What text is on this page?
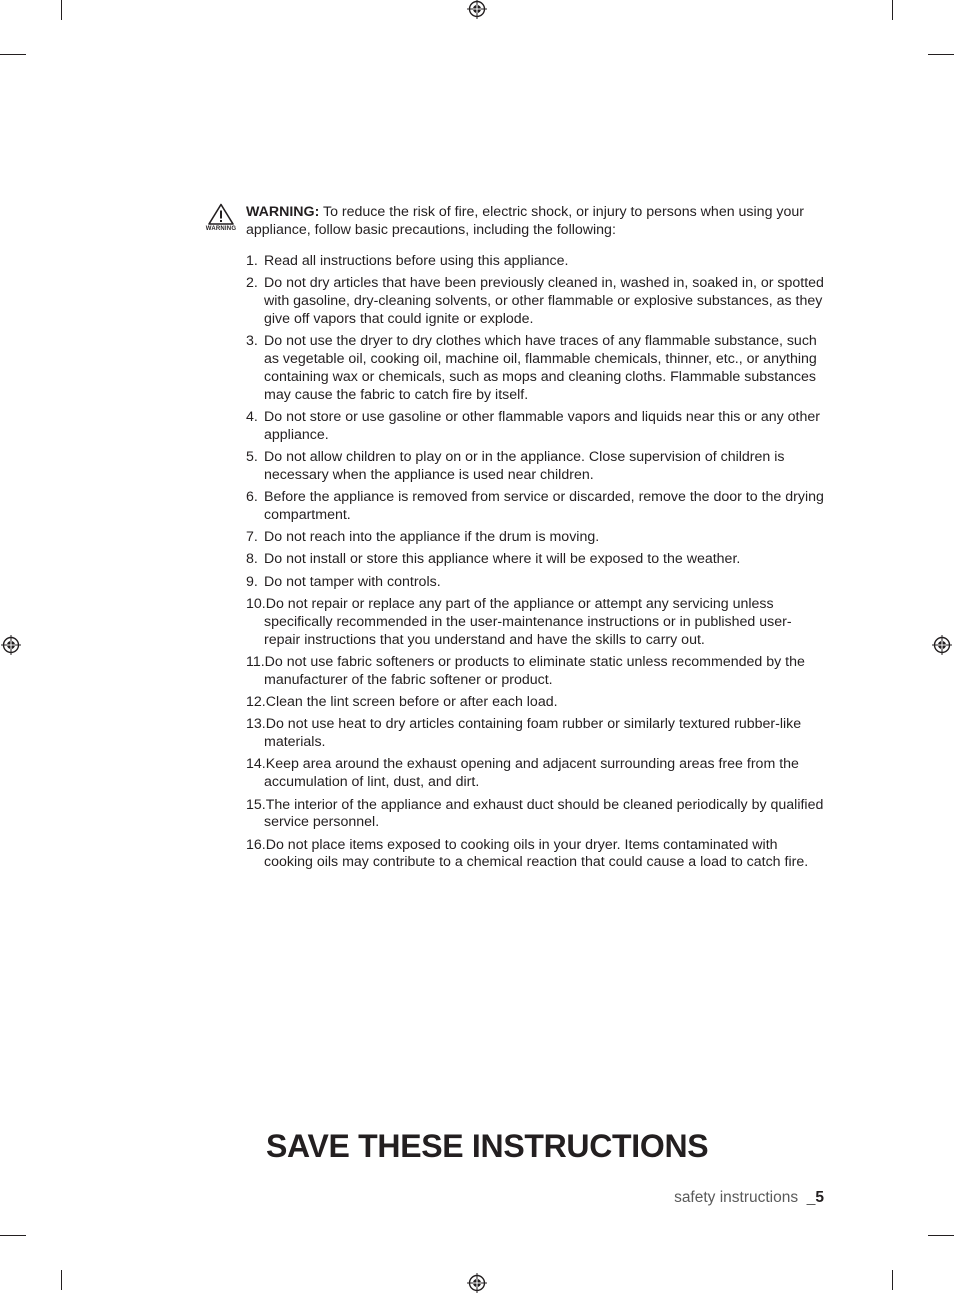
WARNING
WARNING: To reduce the risk of fire, electric shock, or injury to persons when using your appliance, follow basic precautions, including the following:
1. Read all instructions before using this appliance.
2. Do not dry articles that have been previously cleaned in, washed in, soaked in, or spotted with gasoline, dry-cleaning solvents, or other flammable or explosive substances, as they give off vapors that could ignite or explode.
3. Do not use the dryer to dry clothes which have traces of any flammable substance, such as vegetable oil, cooking oil, machine oil, flammable chemicals, thinner, etc., or anything containing wax or chemicals, such as mops and cleaning cloths. Flammable substances may cause the fabric to catch fire by itself.
4. Do not store or use gasoline or other flammable vapors and liquids near this or any other appliance.
5. Do not allow children to play on or in the appliance. Close supervision of children is necessary when the appliance is used near children.
6. Before the appliance is removed from service or discarded, remove the door to the drying compartment.
7. Do not reach into the appliance if the drum is moving.
8. Do not install or store this appliance where it will be exposed to the weather.
9. Do not tamper with controls.
10.Do not repair or replace any part of the appliance or attempt any servicing unless specifically recommended in the user-maintenance instructions or in published user-repair instructions that you understand and have the skills to carry out.
11.Do not use fabric softeners or products to eliminate static unless recommended by the manufacturer of the fabric softener or product.
12.Clean the lint screen before or after each load.
13.Do not use heat to dry articles containing foam rubber or similarly textured rubber-like materials.
14.Keep area around the exhaust opening and adjacent surrounding areas free from the accumulation of lint, dust, and dirt.
15.The interior of the appliance and exhaust duct should be cleaned periodically by qualified service personnel.
16.Do not place items exposed to cooking oils in your dryer. Items contaminated with cooking oils may contribute to a chemical reaction that could cause a load to catch fire.
SAVE THESE INSTRUCTIONS
safety instructions _5
